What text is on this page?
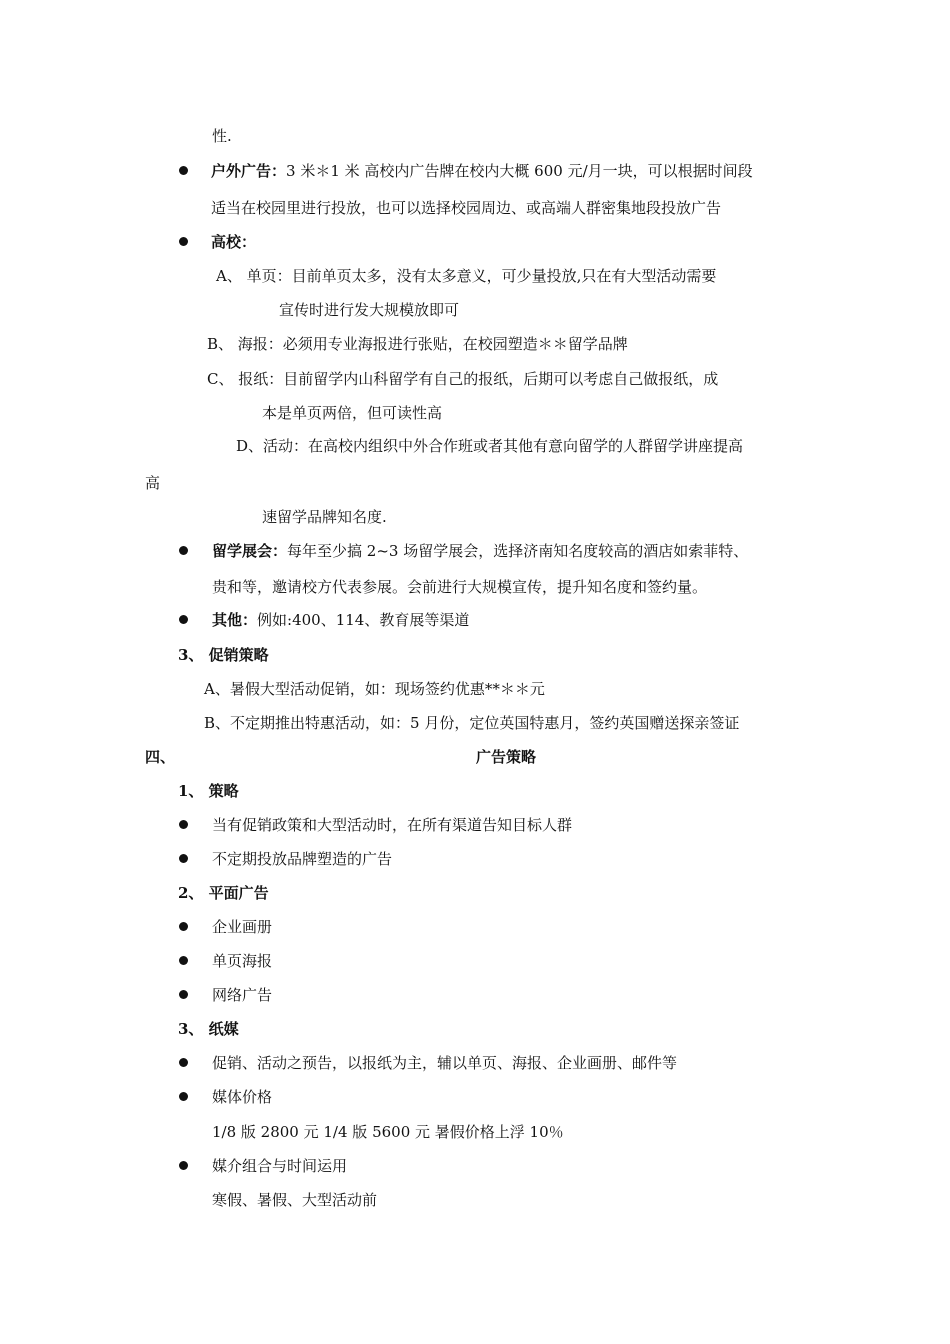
性.
户外广告：3 米＊1 米 高校内广告牌在校内大概 600 元/月一块，可以根据时间段
适当在校园里进行投放，也可以选择校园周边、或高端人群密集地段投放广告
高校：
A、 单页：目前单页太多，没有太多意义，可少量投放,只在有大型活动需要
宣传时进行发大规模放即可
B、 海报：必须用专业海报进行张贴，在校园塑造＊＊留学品牌
C、 报纸：目前留学内山科留学有自己的报纸，后期可以考虑自己做报纸，成
本是单页两倍，但可读性高
D、活动：在高校内组织中外合作班或者其他有意向留学的人群留学讲座提高
高
速留学品牌知名度.
留学展会：每年至少搞 2~3 场留学展会，选择济南知名度较高的酒店如索菲特、
贵和等，邀请校方代表参展。会前进行大规模宣传，提升知名度和签约量。
其他：例如:400、114、教育展等渠道
3、 促销策略
A、暑假大型活动促销，如：现场签约优惠**＊＊元
B、不定期推出特惠活动，如：5 月份，定位英国特惠月，签约英国赠送探亲签证
四、	广告策略
1、 策略
当有促销政策和大型活动时，在所有渠道告知目标人群
不定期投放品牌塑造的广告
2、 平面广告
企业画册
单页海报
网络广告
3、 纸媒
促销、活动之预告，以报纸为主，辅以单页、海报、企业画册、邮件等
媒体价格
1/8 版 2800 元 1/4 版 5600 元 暑假价格上浮 10％
媒介组合与时间运用
寒假、暑假、大型活动前
